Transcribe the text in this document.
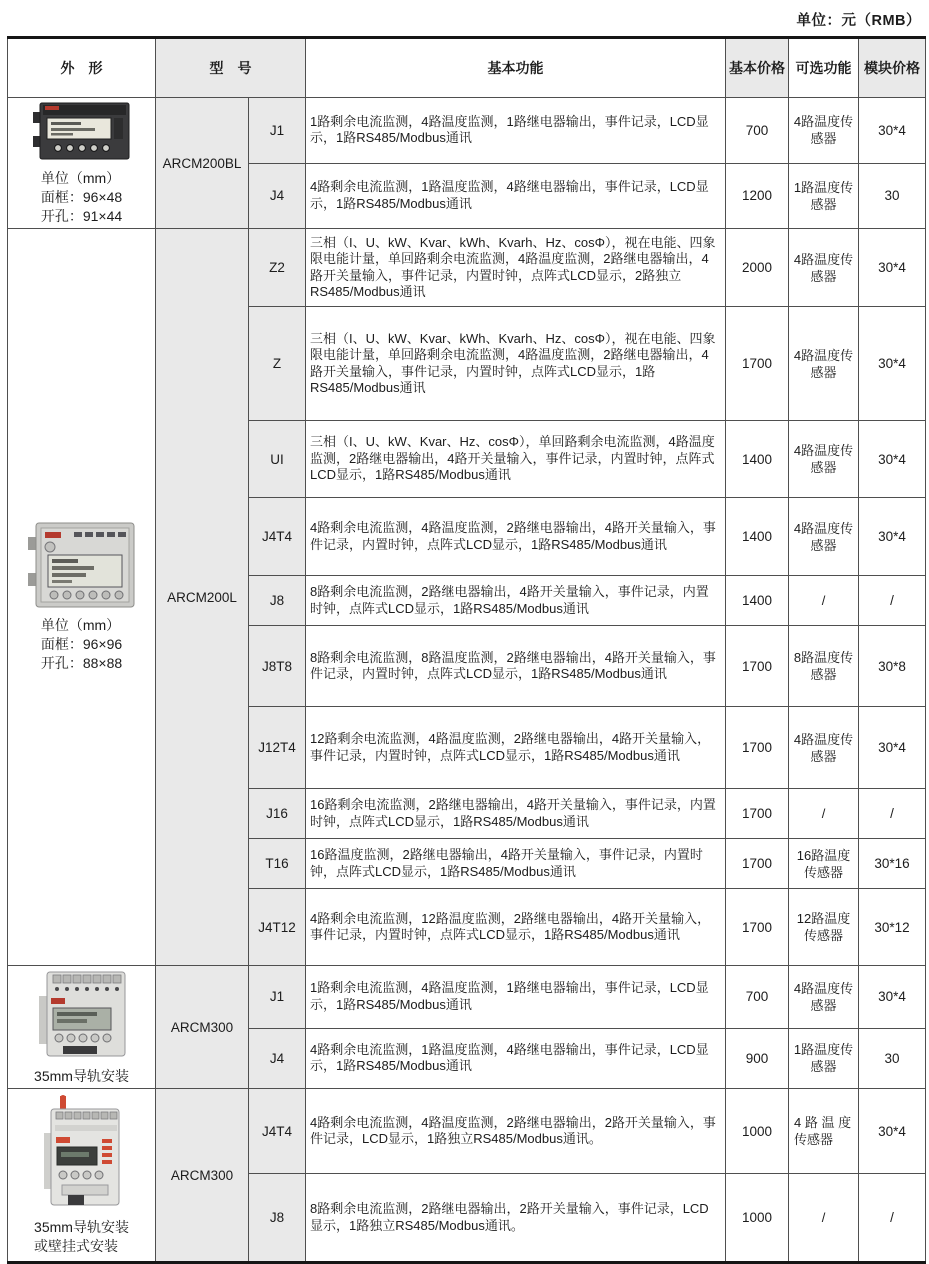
单位：元（RMB）
外　形	型　号		基本功能	基本价格	可选功能	模块价格

单位（mm）
面框：96×48
开孔：91×44	ARCM200BL	J1	1路剩余电流监测，4路温度监测，1路继电器输出，事件记录，LCD显示，1路RS485/Modbus通讯	700	4路温度传感器	30*4
		J4	4路剩余电流监测，1路温度监测，4路继电器输出，事件记录，LCD显示，1路RS485/Modbus通讯	1200	1路温度传感器	30

单位（mm）
面框：96×96
开孔：88×88	ARCM200L	Z2	三相（I、U、kW、Kvar、kWh、Kvarh、Hz、cosΦ），视在电能、四象限电能计量，单回路剩余电流监测，4路温度监测，2路继电器输出，4路开关量输入，事件记录，内置时钟，点阵式LCD显示，2路独立RS485/Modbus通讯	2000	4路温度传感器	30*4
		Z	三相（I、U、kW、Kvar、kWh、Kvarh、Hz、cosΦ），视在电能、四象限电能计量，单回路剩余电流监测，4路温度监测，2路继电器输出，4路开关量输入，事件记录，内置时钟，点阵式LCD显示，1路RS485/Modbus通讯	1700	4路温度传感器	30*4
		UI	三相（I、U、kW、Kvar、Hz、cosΦ），单回路剩余电流监测，4路温度监测，2路继电器输出，4路开关量输入，事件记录，内置时钟，点阵式LCD显示，1路RS485/Modbus通讯	1400	4路温度传感器	30*4
		J4T4	4路剩余电流监测，4路温度监测，2路继电器输出，4路开关量输入，事件记录，内置时钟，点阵式LCD显示，1路RS485/Modbus通讯	1400	4路温度传感器	30*4
		J8	8路剩余电流监测，2路继电器输出，4路开关量输入，事件记录，内置时钟，点阵式LCD显示，1路RS485/Modbus通讯	1400	/	/
		J8T8	8路剩余电流监测，8路温度监测，2路继电器输出，4路开关量输入，事件记录，内置时钟，点阵式LCD显示，1路RS485/Modbus通讯	1700	8路温度传感器	30*8
		J12T4	12路剩余电流监测，4路温度监测，2路继电器输出，4路开关量输入，事件记录，内置时钟，点阵式LCD显示，1路RS485/Modbus通讯	1700	4路温度传感器	30*4
		J16	16路剩余电流监测，2路继电器输出，4路开关量输入，事件记录，内置时钟，点阵式LCD显示，1路RS485/Modbus通讯	1700	/	/
		T16	16路温度监测，2路继电器输出，4路开关量输入，事件记录，内置时钟，点阵式LCD显示，1路RS485/Modbus通讯	1700	16路温度传感器	30*16
		J4T12	4路剩余电流监测，12路温度监测，2路继电器输出，4路开关量输入，事件记录，内置时钟，点阵式LCD显示，1路RS485/Modbus通讯	1700	12路温度传感器	30*12

35mm导轨安装	ARCM300	J1	1路剩余电流监测，4路温度监测，1路继电器输出，事件记录，LCD显示，1路RS485/Modbus通讯	700	4路温度传感器	30*4
		J4	4路剩余电流监测，1路温度监测，4路继电器输出，事件记录，LCD显示，1路RS485/Modbus通讯	900	1路温度传感器	30

35mm导轨安装
或壁挂式安装	ARCM300	J4T4	4路剩余电流监测，4路温度监测，2路继电器输出，2路开关量输入，事件记录，LCD显示，1路独立RS485/Modbus通讯。	1000	4 路 温 度 传感器	30*4
		J8	8路剩余电流监测，2路继电器输出，2路开关量输入，事件记录，LCD显示，1路独立RS485/Modbus通讯。	1000	/	/
